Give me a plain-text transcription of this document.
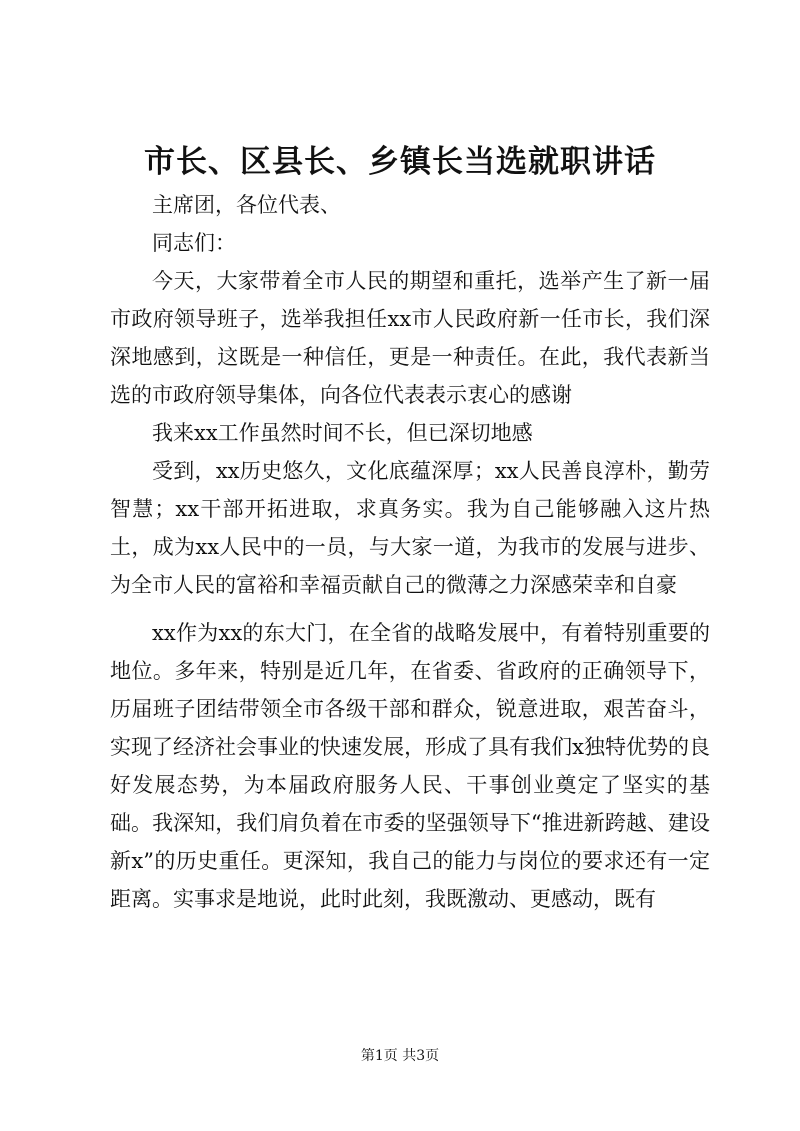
市长、区县长、乡镇长当选就职讲话

主席团，各位代表、

同志们：

今天，大家带着全市人民的期望和重托，选举产生了新一届市政府领导班子，选举我担任xx市人民政府新一任市长，我们深深地感到，这既是一种信任，更是一种责任。在此，我代表新当选的市政府领导集体，向各位代表表示衷心的感谢

我来xx工作虽然时间不长，但已深切地感

受到，xx历史悠久，文化底蕴深厚；xx人民善良淳朴，勤劳智慧；xx干部开拓进取，求真务实。我为自己能够融入这片热土，成为xx人民中的一员，与大家一道，为我市的发展与进步、为全市人民的富裕和幸福贡献自己的微薄之力深感荣幸和自豪

xx作为xx的东大门，在全省的战略发展中，有着特别重要的地位。多年来，特别是近几年，在省委、省政府的正确领导下，历届班子团结带领全市各级干部和群众，锐意进取，艰苦奋斗，实现了经济社会事业的快速发展，形成了具有我们x独特优势的良好发展态势，为本届政府服务人民、干事创业奠定了坚实的基础。我深知，我们肩负着在市委的坚强领导下“推进新跨越、建设新x”的历史重任。更深知，我自己的能力与岗位的要求还有一定距离。实事求是地说，此时此刻，我既激动、更感动，既有

第1页 共3页
